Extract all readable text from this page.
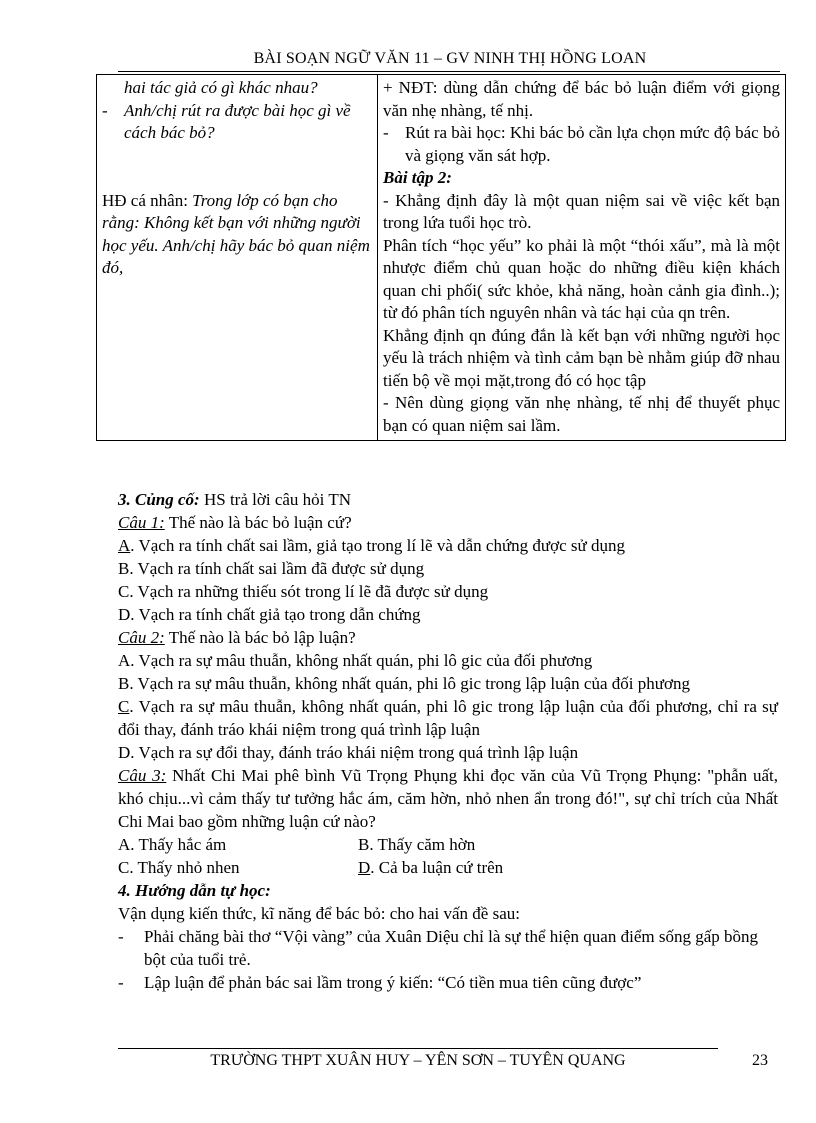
BÀI SOẠN NGỮ VĂN 11 – GV NINH THỊ HỒNG LOAN
hai tác giả có gì khác nhau?
- Anh/chị rút ra được bài học gì về cách bác bỏ?
HĐ cá nhân: Trong lớp có bạn cho rằng: Không kết bạn với những người học yếu. Anh/chị hãy bác bỏ quan niệm đó,

+ NĐT: dùng dẫn chứng để bác bỏ luận điểm với giọng văn nhẹ nhàng, tế nhị.
- Rút ra bài học: Khi bác bỏ cần lựa chọn mức độ bác bỏ và giọng văn sát hợp.
Bài tập 2:
- Khẳng định đây là một quan niệm sai về việc kết bạn trong lứa tuổi học trò.
Phân tích “học yếu” ko phải là một “thói xấu”, mà là một nhược điểm chủ quan hoặc do những điều kiện khách quan chi phối( sức khỏe, khả năng, hoàn cảnh gia đình..); từ đó phân tích nguyên nhân và tác hại của qn trên.
Khẳng định qn đúng đắn là kết bạn với những người học yếu là trách nhiệm và tình cảm bạn bè nhằm giúp đỡ nhau tiến bộ về mọi mặt,trong đó có học tập
- Nên dùng giọng văn nhẹ nhàng, tế nhị để thuyết phục bạn có quan niệm sai lầm.

3. Củng cố: HS trả lời câu hỏi TN

Câu 1: Thế nào là bác bỏ luận cứ?

A. Vạch ra tính chất sai lầm, giả tạo trong lí lẽ và dẫn chứng được sử dụng

B. Vạch ra tính chất sai lầm đã được sử dụng

C. Vạch ra những thiếu sót trong lí lẽ đã được sử dụng

D. Vạch ra tính chất giả tạo trong dẫn chứng

Câu 2: Thế nào là bác bỏ lập luận?

A. Vạch ra sự mâu thuẫn, không nhất quán, phi lô gic của đối phương

B. Vạch ra sự mâu thuẫn, không nhất quán, phi lô gic trong lập luận của đối phương

C. Vạch ra sự mâu thuẫn, không nhất quán, phi lô gic trong lập luận của đối phương, chỉ ra sự đổi thay, đánh tráo khái niệm trong quá trình lập luận

D. Vạch ra sự đổi thay, đánh tráo khái niệm trong quá trình lập luận

Câu 3: Nhất Chi Mai phê bình Vũ Trọng Phụng khi đọc văn của Vũ Trọng Phụng: "phẫn uất, khó chịu...vì cảm thấy tư tưởng hắc ám, căm hờn, nhỏ nhen ẩn trong đó!", sự chỉ trích của Nhất Chi Mai bao gồm những luận cứ nào?

A. Thấy hắc ám	B. Thấy căm hờn
C. Thấy nhỏ nhen	D. Cả ba luận cứ trên

4. Hướng dẫn tự học:

Vận dụng kiến thức, kĩ năng để bác bỏ: cho hai vấn đề sau:

-	Phải chăng bài thơ “Vội vàng” của Xuân Diệu chỉ là sự thể hiện quan điểm sống gấp bồng bột của tuổi trẻ.
-	Lập luận để phản bác sai lầm trong ý kiến: “Có tiền mua tiên cũng được”
TRƯỜNG THPT XUÂN HUY – YÊN SƠN – TUYÊN QUANG	23
